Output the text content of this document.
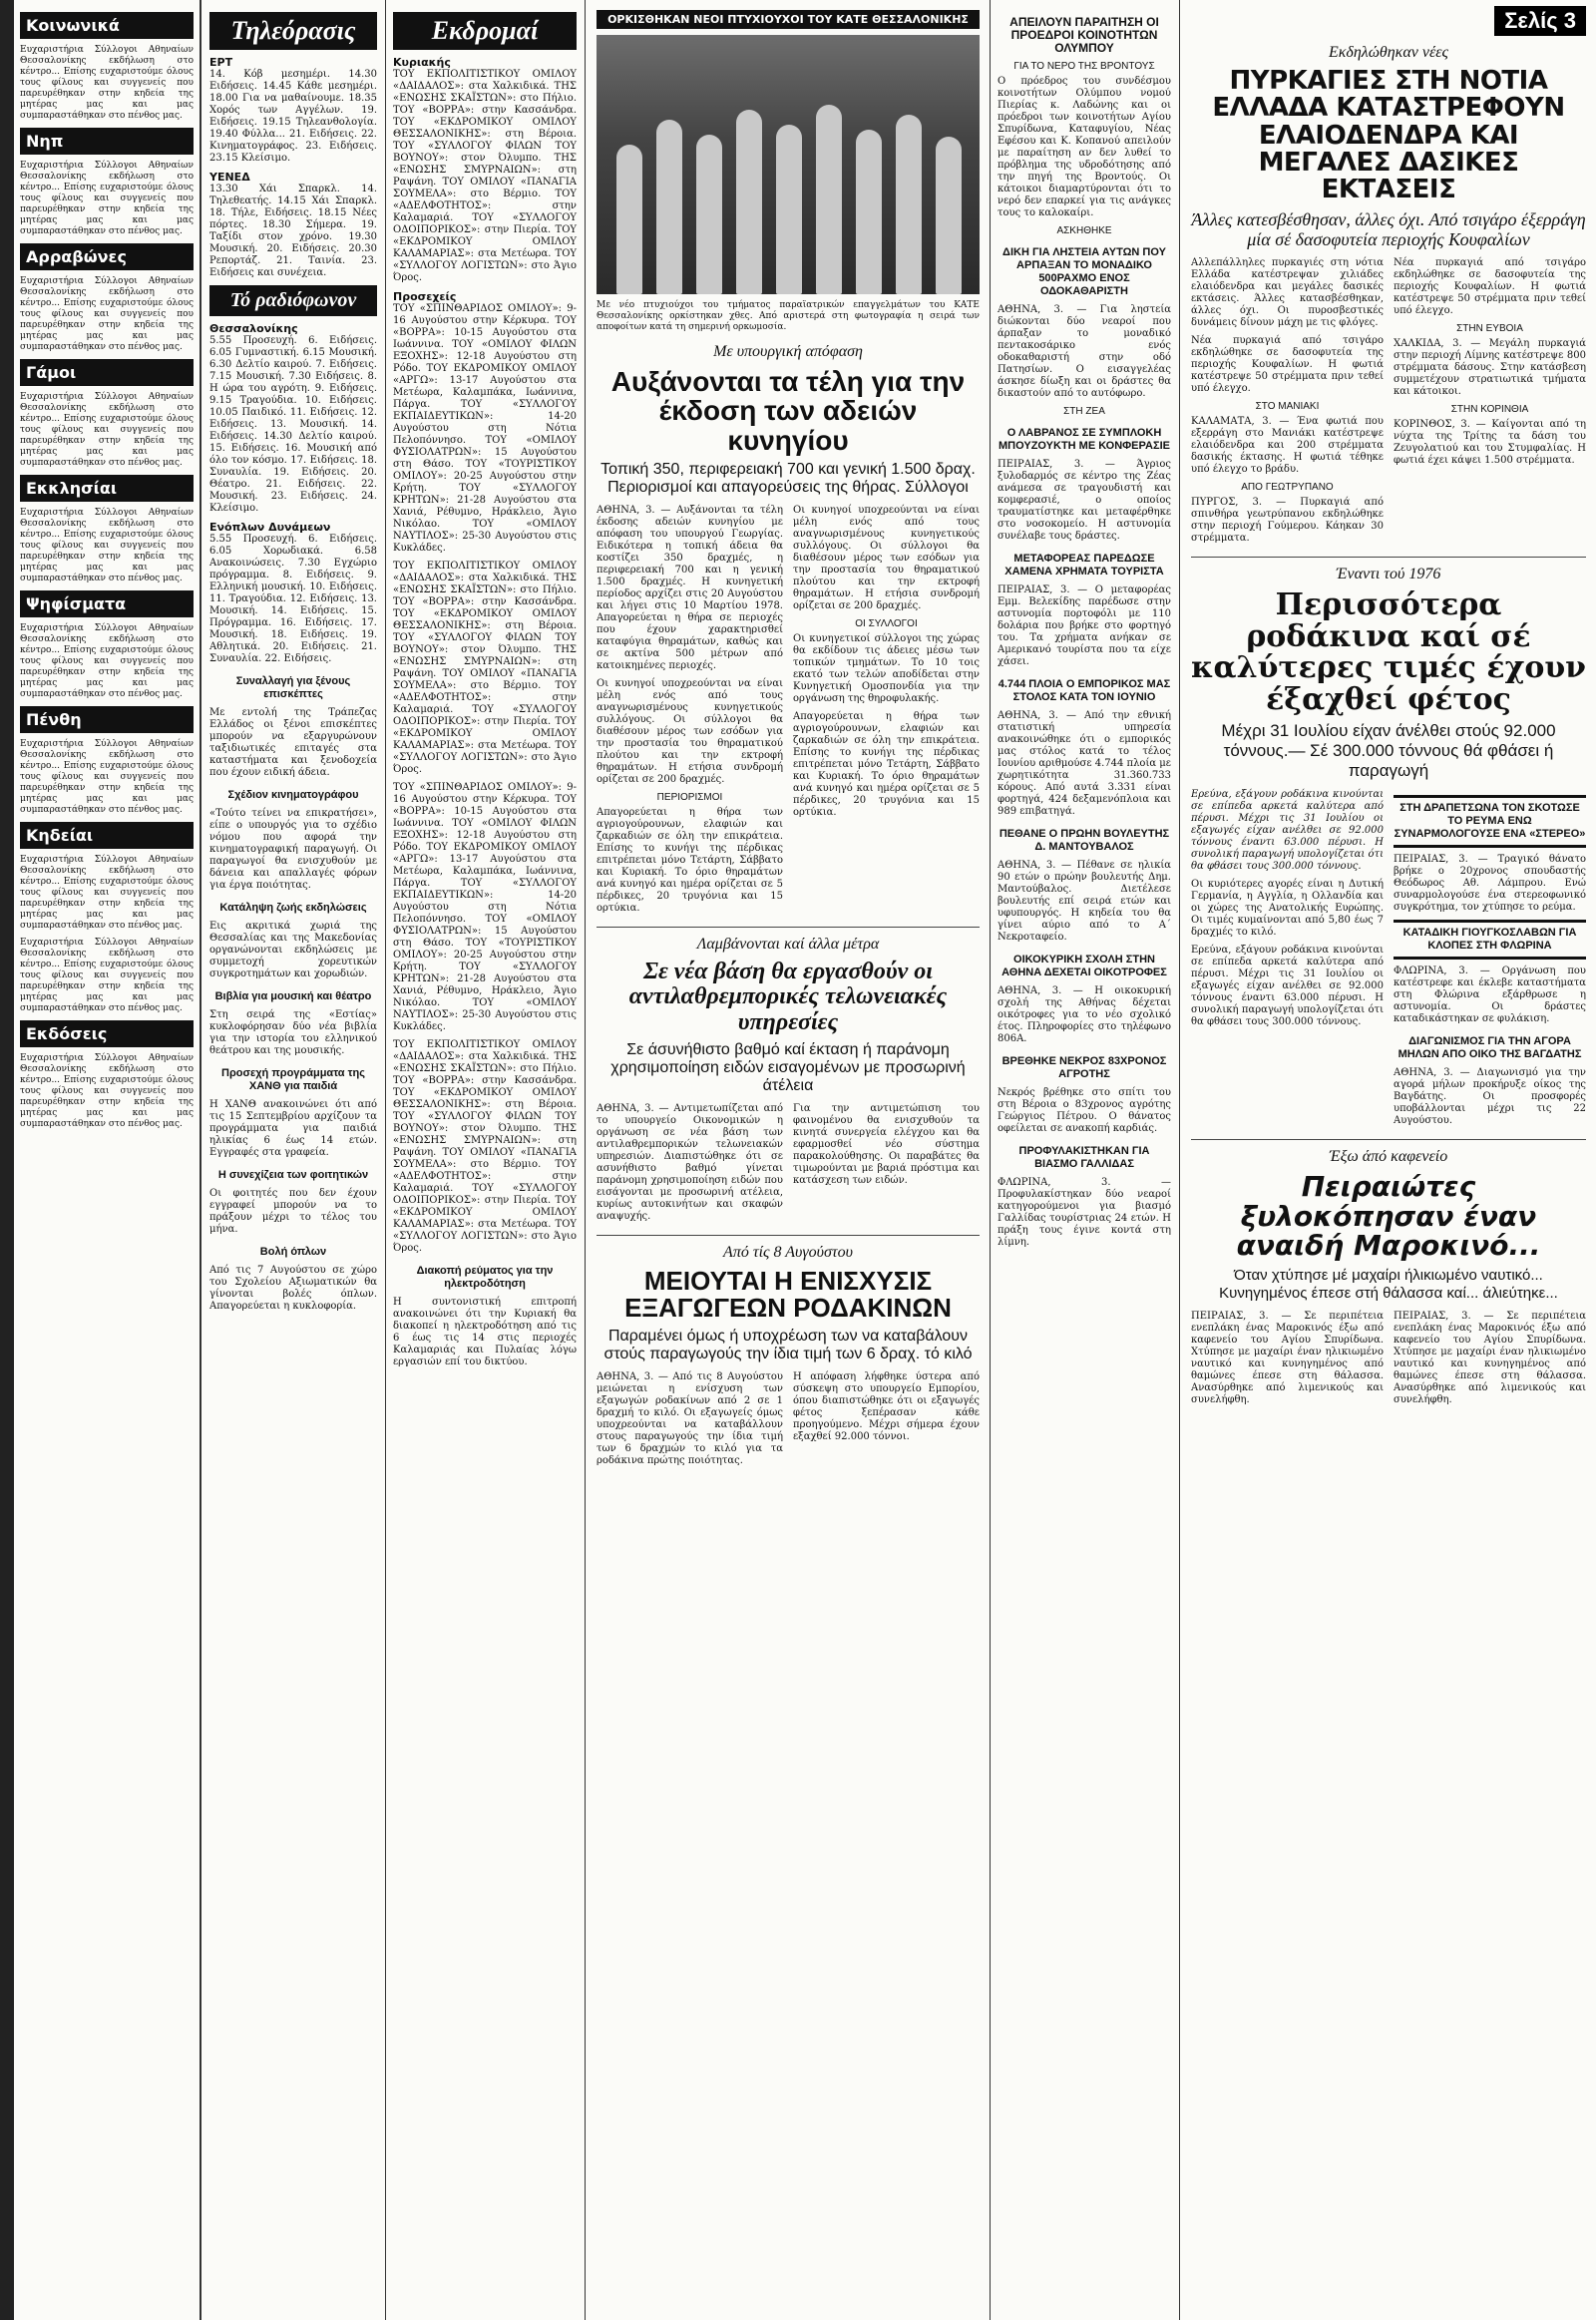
Κοινωνικά

Ευχαριστήρια Σύλλογοι Αθηναίων Θεσσαλονίκης εκδήλωση στο κέντρο... Επίσης ευχαριστούμε όλους τους φίλους και συγγενείς που παρευρέθηκαν στην κηδεία της μητέρας μας και μας συμπαραστάθηκαν στο πένθος μας.

Νηπ

Ευχαριστήρια Σύλλογοι Αθηναίων Θεσσαλονίκης εκδήλωση στο κέντρο... Επίσης ευχαριστούμε όλους τους φίλους και συγγενείς που παρευρέθηκαν στην κηδεία της μητέρας μας και μας συμπαραστάθηκαν στο πένθος μας.

Αρραβώνες

Ευχαριστήρια Σύλλογοι Αθηναίων Θεσσαλονίκης εκδήλωση στο κέντρο... Επίσης ευχαριστούμε όλους τους φίλους και συγγενείς που παρευρέθηκαν στην κηδεία της μητέρας μας και μας συμπαραστάθηκαν στο πένθος μας.

Γάμοι

Ευχαριστήρια Σύλλογοι Αθηναίων Θεσσαλονίκης εκδήλωση στο κέντρο... Επίσης ευχαριστούμε όλους τους φίλους και συγγενείς που παρευρέθηκαν στην κηδεία της μητέρας μας και μας συμπαραστάθηκαν στο πένθος μας.

Εκκλησίαι

Ευχαριστήρια Σύλλογοι Αθηναίων Θεσσαλονίκης εκδήλωση στο κέντρο... Επίσης ευχαριστούμε όλους τους φίλους και συγγενείς που παρευρέθηκαν στην κηδεία της μητέρας μας και μας συμπαραστάθηκαν στο πένθος μας.

Ψηφίσματα

Ευχαριστήρια Σύλλογοι Αθηναίων Θεσσαλονίκης εκδήλωση στο κέντρο... Επίσης ευχαριστούμε όλους τους φίλους και συγγενείς που παρευρέθηκαν στην κηδεία της μητέρας μας και μας συμπαραστάθηκαν στο πένθος μας.

Πένθη

Ευχαριστήρια Σύλλογοι Αθηναίων Θεσσαλονίκης εκδήλωση στο κέντρο... Επίσης ευχαριστούμε όλους τους φίλους και συγγενείς που παρευρέθηκαν στην κηδεία της μητέρας μας και μας συμπαραστάθηκαν στο πένθος μας.

Κηδείαι

Ευχαριστήρια Σύλλογοι Αθηναίων Θεσσαλονίκης εκδήλωση στο κέντρο... Επίσης ευχαριστούμε όλους τους φίλους και συγγενείς που παρευρέθηκαν στην κηδεία της μητέρας μας και μας συμπαραστάθηκαν στο πένθος μας.

Ευχαριστήρια Σύλλογοι Αθηναίων Θεσσαλονίκης εκδήλωση στο κέντρο... Επίσης ευχαριστούμε όλους τους φίλους και συγγενείς που παρευρέθηκαν στην κηδεία της μητέρας μας και μας συμπαραστάθηκαν στο πένθος μας.

Εκδόσεις

Ευχαριστήρια Σύλλογοι Αθηναίων Θεσσαλονίκης εκδήλωση στο κέντρο... Επίσης ευχαριστούμε όλους τους φίλους και συγγενείς που παρευρέθηκαν στην κηδεία της μητέρας μας και μας συμπαραστάθηκαν στο πένθος μας.

Τηλεόρασις
ΕΡΤ

14. Κόβ μεσημέρι. 14.30 Ειδήσεις. 14.45 Κάθε μεσημέρι. 18.00 Για να μαθαίνουμε. 18.35 Χορός των Αγγέλων. 19. Ειδήσεις. 19.15 Τηλεανθολογία. 19.40 Φύλλα... 21. Ειδήσεις. 22. Κινηματογράφος. 23. Ειδήσεις. 23.15 Κλείσιμο.

ΥΕΝΕΔ

13.30 Χάι Σπαρκλ. 14. Τηλεθεατής. 14.15 Χάι Σπαρκλ. 18. Τήλε, Ειδήσεις. 18.15 Νέες πόρτες. 18.30 Σήμερα. 19. Ταξίδι στον χρόνο. 19.30 Μουσική. 20. Ειδήσεις. 20.30 Ρεπορτάζ. 21. Ταινία. 23. Ειδήσεις και συνέχεια.

Τό ραδιόφωνον
Θεσσαλονίκης

5.55 Προσευχή. 6. Ειδήσεις. 6.05 Γυμναστική. 6.15 Μουσική. 6.30 Δελτίο καιρού. 7. Ειδήσεις. 7.15 Μουσική. 7.30 Ειδήσεις. 8. Η ώρα του αγρότη. 9. Ειδήσεις. 9.15 Τραγούδια. 10. Ειδήσεις. 10.05 Παιδικό. 11. Ειδήσεις. 12. Ειδήσεις. 13. Μουσική. 14. Ειδήσεις. 14.30 Δελτίο καιρού. 15. Ειδήσεις. 16. Μουσική από όλο τον κόσμο. 17. Ειδήσεις. 18. Συναυλία. 19. Ειδήσεις. 20. Θέατρο. 21. Ειδήσεις. 22. Μουσική. 23. Ειδήσεις. 24. Κλείσιμο.

Ενόπλων Δυνάμεων

5.55 Προσευχή. 6. Ειδήσεις. 6.05 Χορωδιακά. 6.58 Ανακοινώσεις. 7.30 Εγχώριο πρόγραμμα. 8. Ειδήσεις. 9. Ελληνική μουσική. 10. Ειδήσεις. 11. Τραγούδια. 12. Ειδήσεις. 13. Μουσική. 14. Ειδήσεις. 15. Πρόγραμμα. 16. Ειδήσεις. 17. Μουσική. 18. Ειδήσεις. 19. Αθλητικά. 20. Ειδήσεις. 21. Συναυλία. 22. Ειδήσεις.

Συναλλαγή για ξένους επισκέπτες

Με εντολή της Τράπεζας Ελλάδος οι ξένοι επισκέπτες μπορούν να εξαργυρώνουν ταξιδιωτικές επιταγές στα καταστήματα και ξενοδοχεία που έχουν ειδική άδεια.

Σχέδιον κινηματογράφου

«Τούτο τείνει να επικρατήσει», είπε ο υπουργός για το σχέδιο νόμου που αφορά την κινηματογραφική παραγωγή. Οι παραγωγοί θα ενισχυθούν με δάνεια και απαλλαγές φόρων για έργα ποιότητας.

Κατάληψη ζωής εκδηλώσεις

Εις ακριτικά χωριά της Θεσσαλίας και της Μακεδονίας οργανώνονται εκδηλώσεις με συμμετοχή χορευτικών συγκροτημάτων και χορωδιών.

Βιβλία για μουσική και θέατρο

Στη σειρά της «Εστίας» κυκλοφόρησαν δύο νέα βιβλία για την ιστορία του ελληνικού θεάτρου και της μουσικής.

Προσεχή προγράμματα της ΧΑΝΘ για παιδιά

Η ΧΑΝΘ ανακοινώνει ότι από τις 15 Σεπτεμβρίου αρχίζουν τα προγράμματα για παιδιά ηλικίας 6 έως 14 ετών. Εγγραφές στα γραφεία.

Η συνεχίζεια των φοιτητικών

Οι φοιτητές που δεν έχουν εγγραφεί μπορούν να το πράξουν μέχρι το τέλος του μήνα.

Βολή όπλων

Από τις 7 Αυγούστου σε χώρο του Σχολείου Αξιωματικών θα γίνονται βολές όπλων. Απαγορεύεται η κυκλοφορία.

Εκδρομαί
Κυριακής

ΤΟΥ ΕΚΠΟΛΙΤΙΣΤΙΚΟΥ ΟΜΙΛΟΥ «ΔΑΙΔΑΛΟΣ»: στα Χαλκιδικά. ΤΗΣ «ΕΝΩΣΗΣ ΣΚΑΪΣΤΩΝ»: στο Πήλιο. ΤΟΥ «ΒΟΡΡΑ»: στην Κασσάνδρα. ΤΟΥ «ΕΚΔΡΟΜΙΚΟΥ ΟΜΙΛΟΥ ΘΕΣΣΑΛΟΝΙΚΗΣ»: στη Βέροια. ΤΟΥ «ΣΥΛΛΟΓΟΥ ΦΙΛΩΝ ΤΟΥ ΒΟΥΝΟΥ»: στον Όλυμπο. ΤΗΣ «ΕΝΩΣΗΣ ΣΜΥΡΝΑΙΩΝ»: στη Ραψάνη. ΤΟΥ ΟΜΙΛΟΥ «ΠΑΝΑΓΙΑ ΣΟΥΜΕΛΑ»: στο Βέρμιο. ΤΟΥ «ΑΔΕΛΦΟΤΗΤΟΣ»: στην Καλαμαριά. ΤΟΥ «ΣΥΛΛΟΓΟΥ ΟΔΟΙΠΟΡΙΚΟΣ»: στην Πιερία. ΤΟΥ «ΕΚΔΡΟΜΙΚΟΥ ΟΜΙΛΟΥ ΚΑΛΑΜΑΡΙΑΣ»: στα Μετέωρα. ΤΟΥ «ΣΥΛΛΟΓΟΥ ΛΟΓΙΣΤΩΝ»: στο Άγιο Όρος.

Προσεχείς

ΤΟΥ «ΣΠΙΝΘΑΡΙΔΟΣ ΟΜΙΛΟΥ»: 9-16 Αυγούστου στην Κέρκυρα. ΤΟΥ «ΒΟΡΡΑ»: 10-15 Αυγούστου στα Ιωάννινα. ΤΟΥ «ΟΜΙΛΟΥ ΦΙΛΩΝ ΕΞΟΧΗΣ»: 12-18 Αυγούστου στη Ρόδο. ΤΟΥ ΕΚΔΡΟΜΙΚΟΥ ΟΜΙΛΟΥ «ΑΡΓΩ»: 13-17 Αυγούστου στα Μετέωρα, Καλαμπάκα, Ιωάννινα, Πάργα. ΤΟΥ «ΣΥΛΛΟΓΟΥ ΕΚΠΑΙΔΕΥΤΙΚΩΝ»: 14-20 Αυγούστου στη Νότια Πελοπόννησο. ΤΟΥ «ΟΜΙΛΟΥ ΦΥΣΙΟΛΑΤΡΩΝ»: 15 Αυγούστου στη Θάσο. ΤΟΥ «ΤΟΥΡΙΣΤΙΚΟΥ ΟΜΙΛΟΥ»: 20-25 Αυγούστου στην Κρήτη. ΤΟΥ «ΣΥΛΛΟΓΟΥ ΚΡΗΤΩΝ»: 21-28 Αυγούστου στα Χανιά, Ρέθυμνο, Ηράκλειο, Άγιο Νικόλαο. ΤΟΥ «ΟΜΙΛΟΥ ΝΑΥΤΙΛΟΣ»: 25-30 Αυγούστου στις Κυκλάδες.

ΤΟΥ ΕΚΠΟΛΙΤΙΣΤΙΚΟΥ ΟΜΙΛΟΥ «ΔΑΙΔΑΛΟΣ»: στα Χαλκιδικά. ΤΗΣ «ΕΝΩΣΗΣ ΣΚΑΪΣΤΩΝ»: στο Πήλιο. ΤΟΥ «ΒΟΡΡΑ»: στην Κασσάνδρα. ΤΟΥ «ΕΚΔΡΟΜΙΚΟΥ ΟΜΙΛΟΥ ΘΕΣΣΑΛΟΝΙΚΗΣ»: στη Βέροια. ΤΟΥ «ΣΥΛΛΟΓΟΥ ΦΙΛΩΝ ΤΟΥ ΒΟΥΝΟΥ»: στον Όλυμπο. ΤΗΣ «ΕΝΩΣΗΣ ΣΜΥΡΝΑΙΩΝ»: στη Ραψάνη. ΤΟΥ ΟΜΙΛΟΥ «ΠΑΝΑΓΙΑ ΣΟΥΜΕΛΑ»: στο Βέρμιο. ΤΟΥ «ΑΔΕΛΦΟΤΗΤΟΣ»: στην Καλαμαριά. ΤΟΥ «ΣΥΛΛΟΓΟΥ ΟΔΟΙΠΟΡΙΚΟΣ»: στην Πιερία. ΤΟΥ «ΕΚΔΡΟΜΙΚΟΥ ΟΜΙΛΟΥ ΚΑΛΑΜΑΡΙΑΣ»: στα Μετέωρα. ΤΟΥ «ΣΥΛΛΟΓΟΥ ΛΟΓΙΣΤΩΝ»: στο Άγιο Όρος.

ΤΟΥ «ΣΠΙΝΘΑΡΙΔΟΣ ΟΜΙΛΟΥ»: 9-16 Αυγούστου στην Κέρκυρα. ΤΟΥ «ΒΟΡΡΑ»: 10-15 Αυγούστου στα Ιωάννινα. ΤΟΥ «ΟΜΙΛΟΥ ΦΙΛΩΝ ΕΞΟΧΗΣ»: 12-18 Αυγούστου στη Ρόδο. ΤΟΥ ΕΚΔΡΟΜΙΚΟΥ ΟΜΙΛΟΥ «ΑΡΓΩ»: 13-17 Αυγούστου στα Μετέωρα, Καλαμπάκα, Ιωάννινα, Πάργα. ΤΟΥ «ΣΥΛΛΟΓΟΥ ΕΚΠΑΙΔΕΥΤΙΚΩΝ»: 14-20 Αυγούστου στη Νότια Πελοπόννησο. ΤΟΥ «ΟΜΙΛΟΥ ΦΥΣΙΟΛΑΤΡΩΝ»: 15 Αυγούστου στη Θάσο. ΤΟΥ «ΤΟΥΡΙΣΤΙΚΟΥ ΟΜΙΛΟΥ»: 20-25 Αυγούστου στην Κρήτη. ΤΟΥ «ΣΥΛΛΟΓΟΥ ΚΡΗΤΩΝ»: 21-28 Αυγούστου στα Χανιά, Ρέθυμνο, Ηράκλειο, Άγιο Νικόλαο. ΤΟΥ «ΟΜΙΛΟΥ ΝΑΥΤΙΛΟΣ»: 25-30 Αυγούστου στις Κυκλάδες.

ΤΟΥ ΕΚΠΟΛΙΤΙΣΤΙΚΟΥ ΟΜΙΛΟΥ «ΔΑΙΔΑΛΟΣ»: στα Χαλκιδικά. ΤΗΣ «ΕΝΩΣΗΣ ΣΚΑΪΣΤΩΝ»: στο Πήλιο. ΤΟΥ «ΒΟΡΡΑ»: στην Κασσάνδρα. ΤΟΥ «ΕΚΔΡΟΜΙΚΟΥ ΟΜΙΛΟΥ ΘΕΣΣΑΛΟΝΙΚΗΣ»: στη Βέροια. ΤΟΥ «ΣΥΛΛΟΓΟΥ ΦΙΛΩΝ ΤΟΥ ΒΟΥΝΟΥ»: στον Όλυμπο. ΤΗΣ «ΕΝΩΣΗΣ ΣΜΥΡΝΑΙΩΝ»: στη Ραψάνη. ΤΟΥ ΟΜΙΛΟΥ «ΠΑΝΑΓΙΑ ΣΟΥΜΕΛΑ»: στο Βέρμιο. ΤΟΥ «ΑΔΕΛΦΟΤΗΤΟΣ»: στην Καλαμαριά. ΤΟΥ «ΣΥΛΛΟΓΟΥ ΟΔΟΙΠΟΡΙΚΟΣ»: στην Πιερία. ΤΟΥ «ΕΚΔΡΟΜΙΚΟΥ ΟΜΙΛΟΥ ΚΑΛΑΜΑΡΙΑΣ»: στα Μετέωρα. ΤΟΥ «ΣΥΛΛΟΓΟΥ ΛΟΓΙΣΤΩΝ»: στο Άγιο Όρος.

Διακοπή ρεύματος για την ηλεκτροδότηση

Η συντονιστική επιτροπή ανακοινώνει ότι την Κυριακή θα διακοπεί η ηλεκτροδότηση από τις 6 έως τις 14 στις περιοχές Καλαμαριάς και Πυλαίας λόγω εργασιών επί του δικτύου.

ΟΡΚΙΣΘΗΚΑΝ ΝΕΟΙ ΠΤΥΧΙΟΥΧΟΙ ΤΟΥ ΚΑΤΕ ΘΕΣΣΑΛΟΝΙΚΗΣ

Με νέο πτυχιούχοι του τμήματος παραϊατρικών επαγγελμάτων του ΚΑΤΕ Θεσσαλονίκης ορκίστηκαν χθες. Από αριστερά στη φωτογραφία η σειρά των αποφοίτων κατά τη σημερινή ορκωμοσία.

Με υπουργική απόφαση
Αυξάνονται τα τέλη για την έκδοση των αδειών κυνηγίου
Τοπική 350, περιφερειακή 700 και γενική 1.500 δραχ. Περιορισμοί και απαγορεύσεις της θήρας. Σύλλογοι

ΑΘΗΝΑ, 3. — Αυξάνονται τα τέλη έκδοσης αδειών κυνηγίου με απόφαση του υπουργού Γεωργίας. Ειδικότερα η τοπική άδεια θα κοστίζει 350 δραχμές, η περιφερειακή 700 και η γενική 1.500 δραχμές. Η κυνηγετική περίοδος αρχίζει στις 20 Αυγούστου και λήγει στις 10 Μαρτίου 1978. Απαγορεύεται η θήρα σε περιοχές που έχουν χαρακτηρισθεί καταφύγια θηραμάτων, καθώς και σε ακτίνα 500 μέτρων από κατοικημένες περιοχές.

Οι κυνηγοί υποχρεούνται να είναι μέλη ενός από τους αναγνωρισμένους κυνηγετικούς συλλόγους. Οι σύλλογοι θα διαθέσουν μέρος των εσόδων για την προστασία του θηραματικού πλούτου και την εκτροφή θηραμάτων. Η ετήσια συνδρομή ορίζεται σε 200 δραχμές.

ΠΕΡΙΟΡΙΣΜΟΙ

Απαγορεύεται η θήρα των αγριογούρουνων, ελαφιών και ζαρκαδιών σε όλη την επικράτεια. Επίσης το κυνήγι της πέρδικας επιτρέπεται μόνο Τετάρτη, Σάββατο και Κυριακή. Το όριο θηραμάτων ανά κυνηγό και ημέρα ορίζεται σε 5 πέρδικες, 20 τρυγόνια και 15 ορτύκια.

Οι κυνηγοί υποχρεούνται να είναι μέλη ενός από τους αναγνωρισμένους κυνηγετικούς συλλόγους. Οι σύλλογοι θα διαθέσουν μέρος των εσόδων για την προστασία του θηραματικού πλούτου και την εκτροφή θηραμάτων. Η ετήσια συνδρομή ορίζεται σε 200 δραχμές.

ΟΙ ΣΥΛΛΟΓΟΙ

Οι κυνηγετικοί σύλλογοι της χώρας θα εκδίδουν τις άδειες μέσω των τοπικών τμημάτων. Το 10 τοις εκατό των τελών αποδίδεται στην Κυνηγετική Ομοσπονδία για την οργάνωση της θηροφυλακής.

Απαγορεύεται η θήρα των αγριογούρουνων, ελαφιών και ζαρκαδιών σε όλη την επικράτεια. Επίσης το κυνήγι της πέρδικας επιτρέπεται μόνο Τετάρτη, Σάββατο και Κυριακή. Το όριο θηραμάτων ανά κυνηγό και ημέρα ορίζεται σε 5 πέρδικες, 20 τρυγόνια και 15 ορτύκια.

Λαμβάνονται καί άλλα μέτρα
Σε νέα βάση θα εργασθούν οι αντιλαθρεμπορικές τελωνειακές υπηρεσίες
Σε άσυνήθιστο βαθμό καί έκταση ή παράνομη χρησιμοποίηση ειδών εισαγομένων με προσωρινή άτέλεια

ΑΘΗΝΑ, 3. — Αντιμετωπίζεται από το υπουργείο Οικονομικών η οργάνωση σε νέα βάση των αντιλαθρεμπορικών τελωνειακών υπηρεσιών. Διαπιστώθηκε ότι σε ασυνήθιστο βαθμό γίνεται παράνομη χρησιμοποίηση ειδών που εισάγονται με προσωρινή ατέλεια, κυρίως αυτοκινήτων και σκαφών αναψυχής.

Για την αντιμετώπιση του φαινομένου θα ενισχυθούν τα κινητά συνεργεία ελέγχου και θα εφαρμοσθεί νέο σύστημα παρακολούθησης. Οι παραβάτες θα τιμωρούνται με βαριά πρόστιμα και κατάσχεση των ειδών.

Από τίς 8 Αυγούστου
ΜΕΙΟΥΤΑΙ Η ΕΝΙΣΧΥΣΙΣ ΕΞΑΓΩΓΕΩΝ ΡΟΔΑΚΙΝΩΝ
Παραμένει όμως ή υποχρέωση των να καταβάλουν στούς παραγωγούς την ίδια τιμή των 6 δραχ. τό κιλό

ΑΘΗΝΑ, 3. — Από τις 8 Αυγούστου μειώνεται η ενίσχυση των εξαγωγών ροδακίνων από 2 σε 1 δραχμή το κιλό. Οι εξαγωγείς όμως υποχρεούνται να καταβάλλουν στους παραγωγούς την ίδια τιμή των 6 δραχμών το κιλό για τα ροδάκινα πρώτης ποιότητας.

Η απόφαση λήφθηκε ύστερα από σύσκεψη στο υπουργείο Εμπορίου, όπου διαπιστώθηκε ότι οι εξαγωγές φέτος ξεπέρασαν κάθε προηγούμενο. Μέχρι σήμερα έχουν εξαχθεί 92.000 τόννοι.

ΑΠΕΙΛΟΥΝ ΠΑΡΑΙΤΗΣΗ ΟΙ ΠΡΟΕΔΡΟΙ ΚΟΙΝΟΤΗΤΩΝ ΟΛΥΜΠΟΥ
ΓΙΑ ΤΟ ΝΕΡΟ ΤΗΣ ΒΡΟΝΤΟΥΣ

Ο πρόεδρος του συνδέσμου κοινοτήτων Ολύμπου νομού Πιερίας κ. Λαδώνης και οι πρόεδροι των κοινοτήτων Αγίου Σπυρίδωνα, Καταφυγίου, Νέας Εφέσου και Κ. Κοπανού απειλούν με παραίτηση αν δεν λυθεί το πρόβλημα της υδροδότησης από την πηγή της Βροντούς. Οι κάτοικοι διαμαρτύρονται ότι το νερό δεν επαρκεί για τις ανάγκες τους το καλοκαίρι.

ΑΣΚΗΘΗΚΕ
ΔΙΚΗ ΓΙΑ ΛΗΣΤΕΙΑ ΑΥΤΩΝ ΠΟΥ ΑΡΠΑΞΑΝ ΤΟ ΜΟΝΑΔΙΚΟ 500ΡΑΧΜΟ ΕΝΟΣ ΟΔΟΚΑΘΑΡΙΣΤΗ

ΑΘΗΝΑ, 3. — Για ληστεία διώκονται δύο νεαροί που άρπαξαν το μοναδικό πεντακοσάρικο ενός οδοκαθαριστή στην οδό Πατησίων. Ο εισαγγελέας άσκησε δίωξη και οι δράστες θα δικαστούν από το αυτόφωρο.

ΣΤΗ ΖΕΑ
Ο ΛΑΒΡΑΝΟΣ ΣΕ ΣΥΜΠΛΟΚΗ ΜΠΟΥΖΟΥΚΤΗ ΜΕ ΚΟΝΦΕΡΑΣΙΕ

ΠΕΙΡΑΙΑΣ, 3. — Άγριος ξυλοδαρμός σε κέντρο της Ζέας ανάμεσα σε τραγουδιστή και κομφερασιέ, ο οποίος τραυματίστηκε και μεταφέρθηκε στο νοσοκομείο. Η αστυνομία συνέλαβε τους δράστες.

ΜΕΤΑΦΟΡΕΑΣ ΠΑΡΕΔΩΣΕ ΧΑΜΕΝΑ ΧΡΗΜΑΤΑ ΤΟΥΡΙΣΤΑ

ΠΕΙΡΑΙΑΣ, 3. — Ο μεταφορέας Εμμ. Βελεκίδης παρέδωσε στην αστυνομία πορτοφόλι με 110 δολάρια που βρήκε στο φορτηγό του. Τα χρήματα ανήκαν σε Αμερικανό τουρίστα που τα είχε χάσει.

4.744 ΠΛΟΙΑ Ο ΕΜΠΟΡΙΚΟΣ ΜΑΣ ΣΤΟΛΟΣ ΚΑΤΑ ΤΟΝ ΙΟΥΝΙΟ

ΑΘΗΝΑ, 3. — Από την εθνική στατιστική υπηρεσία ανακοινώθηκε ότι ο εμπορικός μας στόλος κατά το τέλος Ιουνίου αριθμούσε 4.744 πλοία με χωρητικότητα 31.360.733 κόρους. Από αυτά 3.331 είναι φορτηγά, 424 δεξαμενόπλοια και 989 επιβατηγά.

ΠΕΘΑΝΕ Ο ΠΡΩΗΝ ΒΟΥΛΕΥΤΗΣ Δ. ΜΑΝΤΟΥΒΑΛΟΣ

ΑΘΗΝΑ, 3. — Πέθανε σε ηλικία 90 ετών ο πρώην βουλευτής Δημ. Μαντούβαλος. Διετέλεσε βουλευτής επί σειρά ετών και υφυπουργός. Η κηδεία του θα γίνει αύριο από το Α΄ Νεκροταφείο.

ΟΙΚΟΚΥΡΙΚΗ ΣΧΟΛΗ ΣΤΗΝ ΑΘΗΝΑ ΔΕΧΕΤΑΙ ΟΙΚΟΤΡΟΦΕΣ

ΑΘΗΝΑ, 3. — Η οικοκυρική σχολή της Αθήνας δέχεται οικότροφες για το νέο σχολικό έτος. Πληροφορίες στο τηλέφωνο 806Α.

ΒΡΕΘΗΚΕ ΝΕΚΡΟΣ 83ΧΡΟΝΟΣ ΑΓΡΟΤΗΣ

Νεκρός βρέθηκε στο σπίτι του στη Βέροια ο 83χρονος αγρότης Γεώργιος Πέτρου. Ο θάνατος οφείλεται σε ανακοπή καρδιάς.

ΠΡΟΦΥΛΑΚΙΣΤΗΚΑΝ ΓΙΑ ΒΙΑΣΜΟ ΓΑΛΛΙΔΑΣ

ΦΛΩΡΙΝΑ, 3. — Προφυλακίστηκαν δύο νεαροί κατηγορούμενοι για βιασμό Γαλλίδας τουρίστριας 24 ετών. Η πράξη τους έγινε κοντά στη λίμνη.

Σελίς 3
Εκδηλώθηκαν νέες
ΠΥΡΚΑΓΙΕΣ ΣΤΗ ΝΟΤΙΑ ΕΛΛΑΔΑ ΚΑΤΑΣΤΡΕΦΟΥΝ ΕΛΑΙΟΔΕΝΔΡΑ ΚΑΙ ΜΕΓΑΛΕΣ ΔΑΣΙΚΕΣ ΕΚΤΑΣΕΙΣ
Άλλες κατεσβέσθησαν, άλλες όχι. Από τσιγάρο έξερράγη μία σέ δασοφυτεία περιοχής Κουφαλίων

Αλλεπάλληλες πυρκαγιές στη νότια Ελλάδα κατέστρεψαν χιλιάδες ελαιόδενδρα και μεγάλες δασικές εκτάσεις. Άλλες κατασβέσθηκαν, άλλες όχι. Οι πυροσβεστικές δυνάμεις δίνουν μάχη με τις φλόγες.

Νέα πυρκαγιά από τσιγάρο εκδηλώθηκε σε δασοφυτεία της περιοχής Κουφαλίων. Η φωτιά κατέστρεψε 50 στρέμματα πριν τεθεί υπό έλεγχο.

ΣΤΟ ΜΑΝΙΑΚΙ

ΚΑΛΑΜΑΤΑ, 3. — Ένα φωτιά που εξερράγη στο Μανιάκι κατέστρεψε ελαιόδενδρα και 200 στρέμματα δασικής έκτασης. Η φωτιά τέθηκε υπό έλεγχο το βράδυ.

ΑΠΟ ΓΕΩΤΡΥΠΑΝΟ

ΠΥΡΓΟΣ, 3. — Πυρκαγιά από σπινθήρα γεωτρύπανου εκδηλώθηκε στην περιοχή Γούμερου. Κάηκαν 30 στρέμματα.

Νέα πυρκαγιά από τσιγάρο εκδηλώθηκε σε δασοφυτεία της περιοχής Κουφαλίων. Η φωτιά κατέστρεψε 50 στρέμματα πριν τεθεί υπό έλεγχο.

ΣΤΗΝ ΕΥΒΟΙΑ

ΧΑΛΚΙΔΑ, 3. — Μεγάλη πυρκαγιά στην περιοχή Λίμνης κατέστρεψε 800 στρέμματα δάσους. Στην κατάσβεση συμμετέχουν στρατιωτικά τμήματα και κάτοικοι.

ΣΤΗΝ ΚΟΡΙΝΘΙΑ

ΚΟΡΙΝΘΟΣ, 3. — Καίγονται από τη νύχτα της Τρίτης τα δάση του Ζευγολατιού και του Στυμφαλίας. Η φωτιά έχει κάψει 1.500 στρέμματα.

Έναντι τού 1976
Περισσότερα ροδάκινα καί σέ καλύτερες τιμές έχουν έξαχθεί φέτος
Μέχρι 31 Ιουλίου είχαν άνέλθει στούς 92.000 τόννους.— Σέ 300.000 τόννους θά φθάσει ή παραγωγή

Ερεύνα, εξάγουν ροδάκινα κινούνται σε επίπεδα αρκετά καλύτερα από πέρυσι. Μέχρι τις 31 Ιουλίου οι εξαγωγές είχαν ανέλθει σε 92.000 τόννους έναντι 63.000 πέρυσι. Η συνολική παραγωγή υπολογίζεται ότι θα φθάσει τους 300.000 τόννους.

Οι κυριότερες αγορές είναι η Δυτική Γερμανία, η Αγγλία, η Ολλανδία και οι χώρες της Ανατολικής Ευρώπης. Οι τιμές κυμαίνονται από 5,80 έως 7 δραχμές το κιλό.

Ερεύνα, εξάγουν ροδάκινα κινούνται σε επίπεδα αρκετά καλύτερα από πέρυσι. Μέχρι τις 31 Ιουλίου οι εξαγωγές είχαν ανέλθει σε 92.000 τόννους έναντι 63.000 πέρυσι. Η συνολική παραγωγή υπολογίζεται ότι θα φθάσει τους 300.000 τόννους.

ΣΤΗ ΔΡΑΠΕΤΣΩΝΑ ΤΟΝ ΣΚΟΤΩΣΕ ΤΟ ΡΕΥΜΑ ΕΝΩ ΣΥΝΑΡΜΟΛΟΓΟΥΣΕ ΕΝΑ «ΣΤΕΡΕΟ»

ΠΕΙΡΑΙΑΣ, 3. — Τραγικό θάνατο βρήκε ο 20χρονος σπουδαστής Θεόδωρος Αθ. Λάμπρου. Ενώ συναρμολογούσε ένα στερεοφωνικό συγκρότημα, τον χτύπησε το ρεύμα.

ΚΑΤΑΔΙΚΗ ΓΙΟΥΓΚΟΣΛΑΒΩΝ ΓΙΑ ΚΛΟΠΕΣ ΣΤΗ ΦΛΩΡΙΝΑ

ΦΛΩΡΙΝΑ, 3. — Οργάνωση που κατέστρεφε και έκλεβε καταστήματα στη Φλώρινα εξάρθρωσε η αστυνομία. Οι δράστες καταδικάστηκαν σε φυλάκιση.

ΔΙΑΓΩΝΙΣΜΟΣ ΓΙΑ ΤΗΝ ΑΓΟΡΑ ΜΗΛΩΝ ΑΠΟ ΟΙΚΟ ΤΗΣ ΒΑΓΔΑΤΗΣ

ΑΘΗΝΑ, 3. — Διαγωνισμό για την αγορά μήλων προκήρυξε οίκος της Βαγδάτης. Οι προσφορές υποβάλλονται μέχρι τις 22 Αυγούστου.

Έξω άπό καφενείο
Πειραιώτες ξυλοκόπησαν έναν αναιδή Μαροκινό...
Όταν χτύπησε μέ μαχαίρι ήλικιωμένο ναυτικό... Κυνηγημένος έπεσε στή θάλασσα καί... άλιεύτηκε...

ΠΕΙΡΑΙΑΣ, 3. — Σε περιπέτεια ενεπλάκη ένας Μαροκινός έξω από καφενείο του Αγίου Σπυρίδωνα. Χτύπησε με μαχαίρι έναν ηλικιωμένο ναυτικό και κυνηγημένος από θαμώνες έπεσε στη θάλασσα. Ανασύρθηκε από λιμενικούς και συνελήφθη.

ΠΕΙΡΑΙΑΣ, 3. — Σε περιπέτεια ενεπλάκη ένας Μαροκινός έξω από καφενείο του Αγίου Σπυρίδωνα. Χτύπησε με μαχαίρι έναν ηλικιωμένο ναυτικό και κυνηγημένος από θαμώνες έπεσε στη θάλασσα. Ανασύρθηκε από λιμενικούς και συνελήφθη.
